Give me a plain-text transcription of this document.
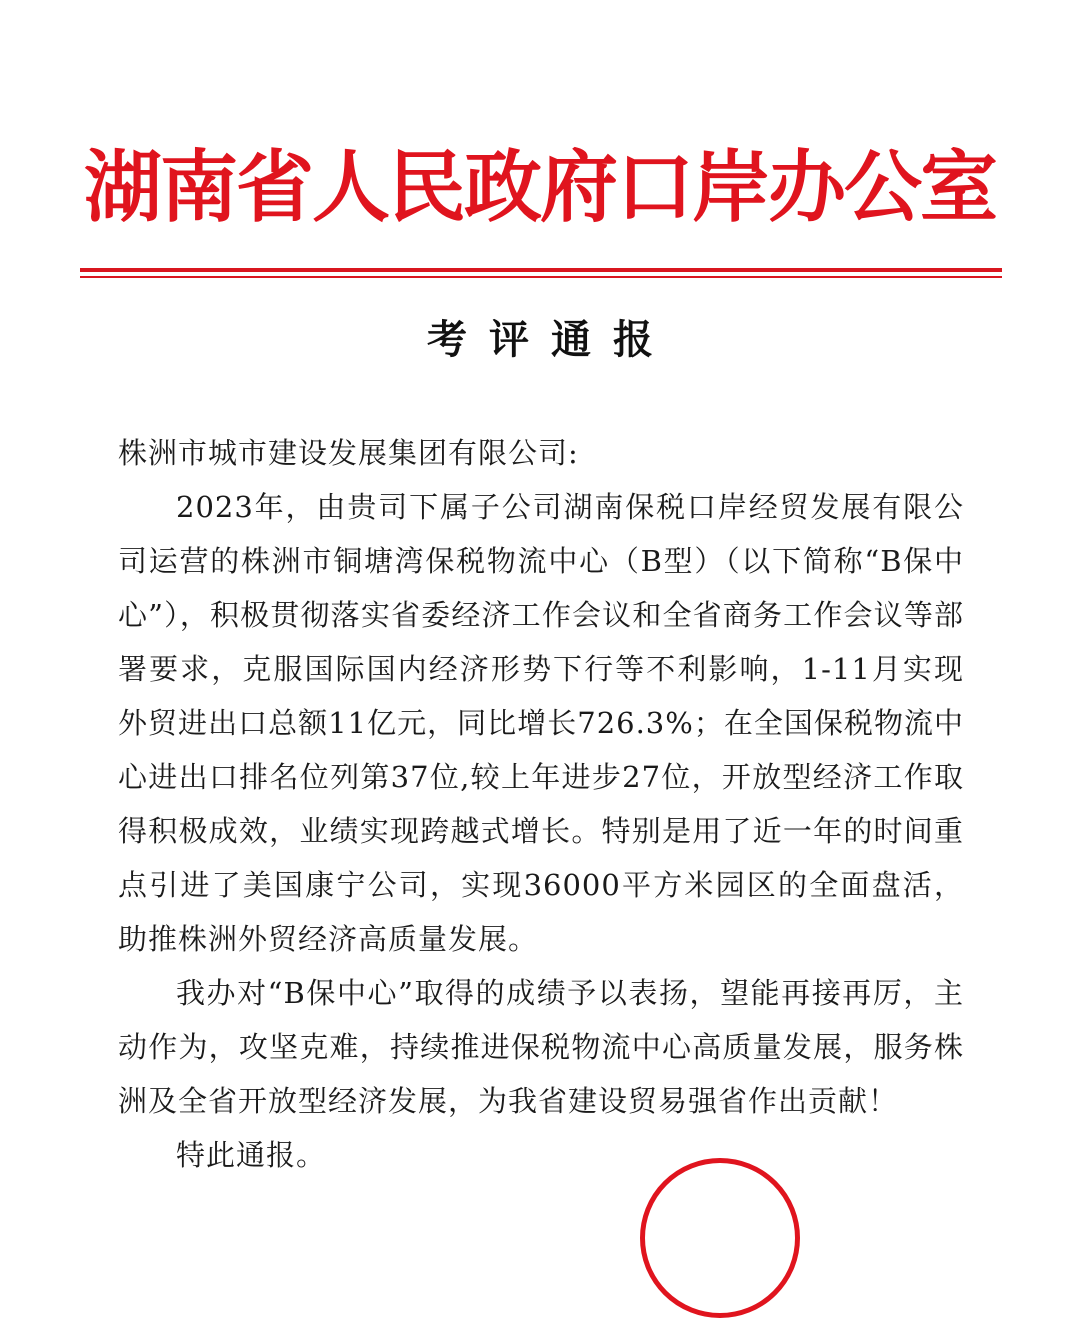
湖南省人民政府口岸办公室
考评通报

株洲市城市建设发展集团有限公司:

2023年，由贵司下属子公司湖南保税口岸经贸发展有限公司运营的株洲市铜塘湾保税物流中心（B型）（以下简称“B保中心”），积极贯彻落实省委经济工作会议和全省商务工作会议等部署要求，克服国际国内经济形势下行等不利影响，1-11月实现外贸进出口总额11亿元，同比增长726.3%；在全国保税物流中心进出口排名位列第37位,较上年进步27位，开放型经济工作取得积极成效，业绩实现跨越式增长。特别是用了近一年的时间重点引进了美国康宁公司，实现36000平方米园区的全面盘活，助推株洲外贸经济高质量发展。

我办对“B保中心”取得的成绩予以表扬，望能再接再厉，主动作为，攻坚克难，持续推进保税物流中心高质量发展，服务株洲及全省开放型经济发展，为我省建设贸易强省作出贡献！

特此通报。
